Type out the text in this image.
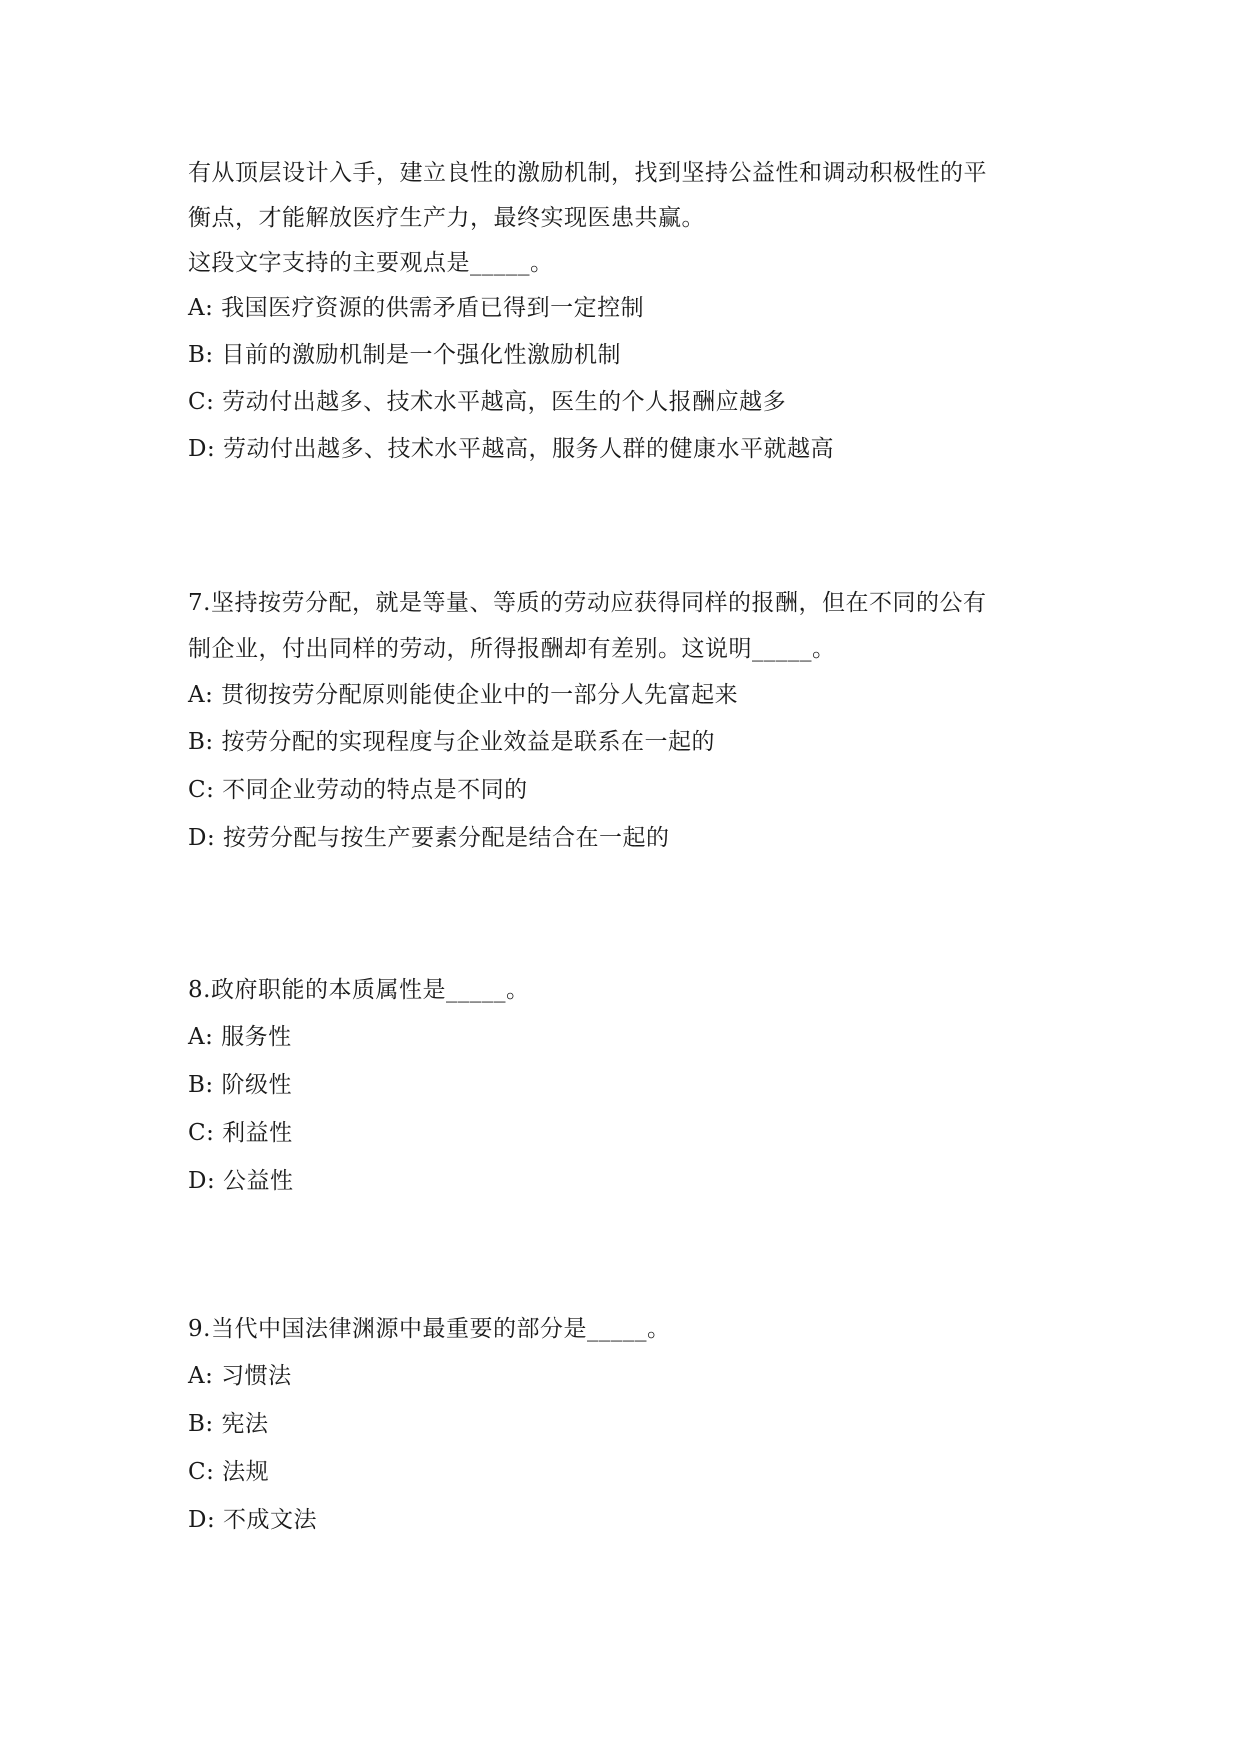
有从顶层设计入手，建立良性的激励机制，找到坚持公益性和调动积极性的平
衡点，才能解放医疗生产力，最终实现医患共赢。
这段文字支持的主要观点是_____。
A: 我国医疗资源的供需矛盾已得到一定控制
B: 目前的激励机制是一个强化性激励机制
C: 劳动付出越多、技术水平越高，医生的个人报酬应越多
D: 劳动付出越多、技术水平越高，服务人群的健康水平就越高
7.坚持按劳分配，就是等量、等质的劳动应获得同样的报酬，但在不同的公有
制企业，付出同样的劳动，所得报酬却有差别。这说明_____。
A: 贯彻按劳分配原则能使企业中的一部分人先富起来
B: 按劳分配的实现程度与企业效益是联系在一起的
C: 不同企业劳动的特点是不同的
D: 按劳分配与按生产要素分配是结合在一起的
8.政府职能的本质属性是_____。
A: 服务性
B: 阶级性
C: 利益性
D: 公益性
9.当代中国法律渊源中最重要的部分是_____。
A: 习惯法
B: 宪法
C: 法规
D: 不成文法
